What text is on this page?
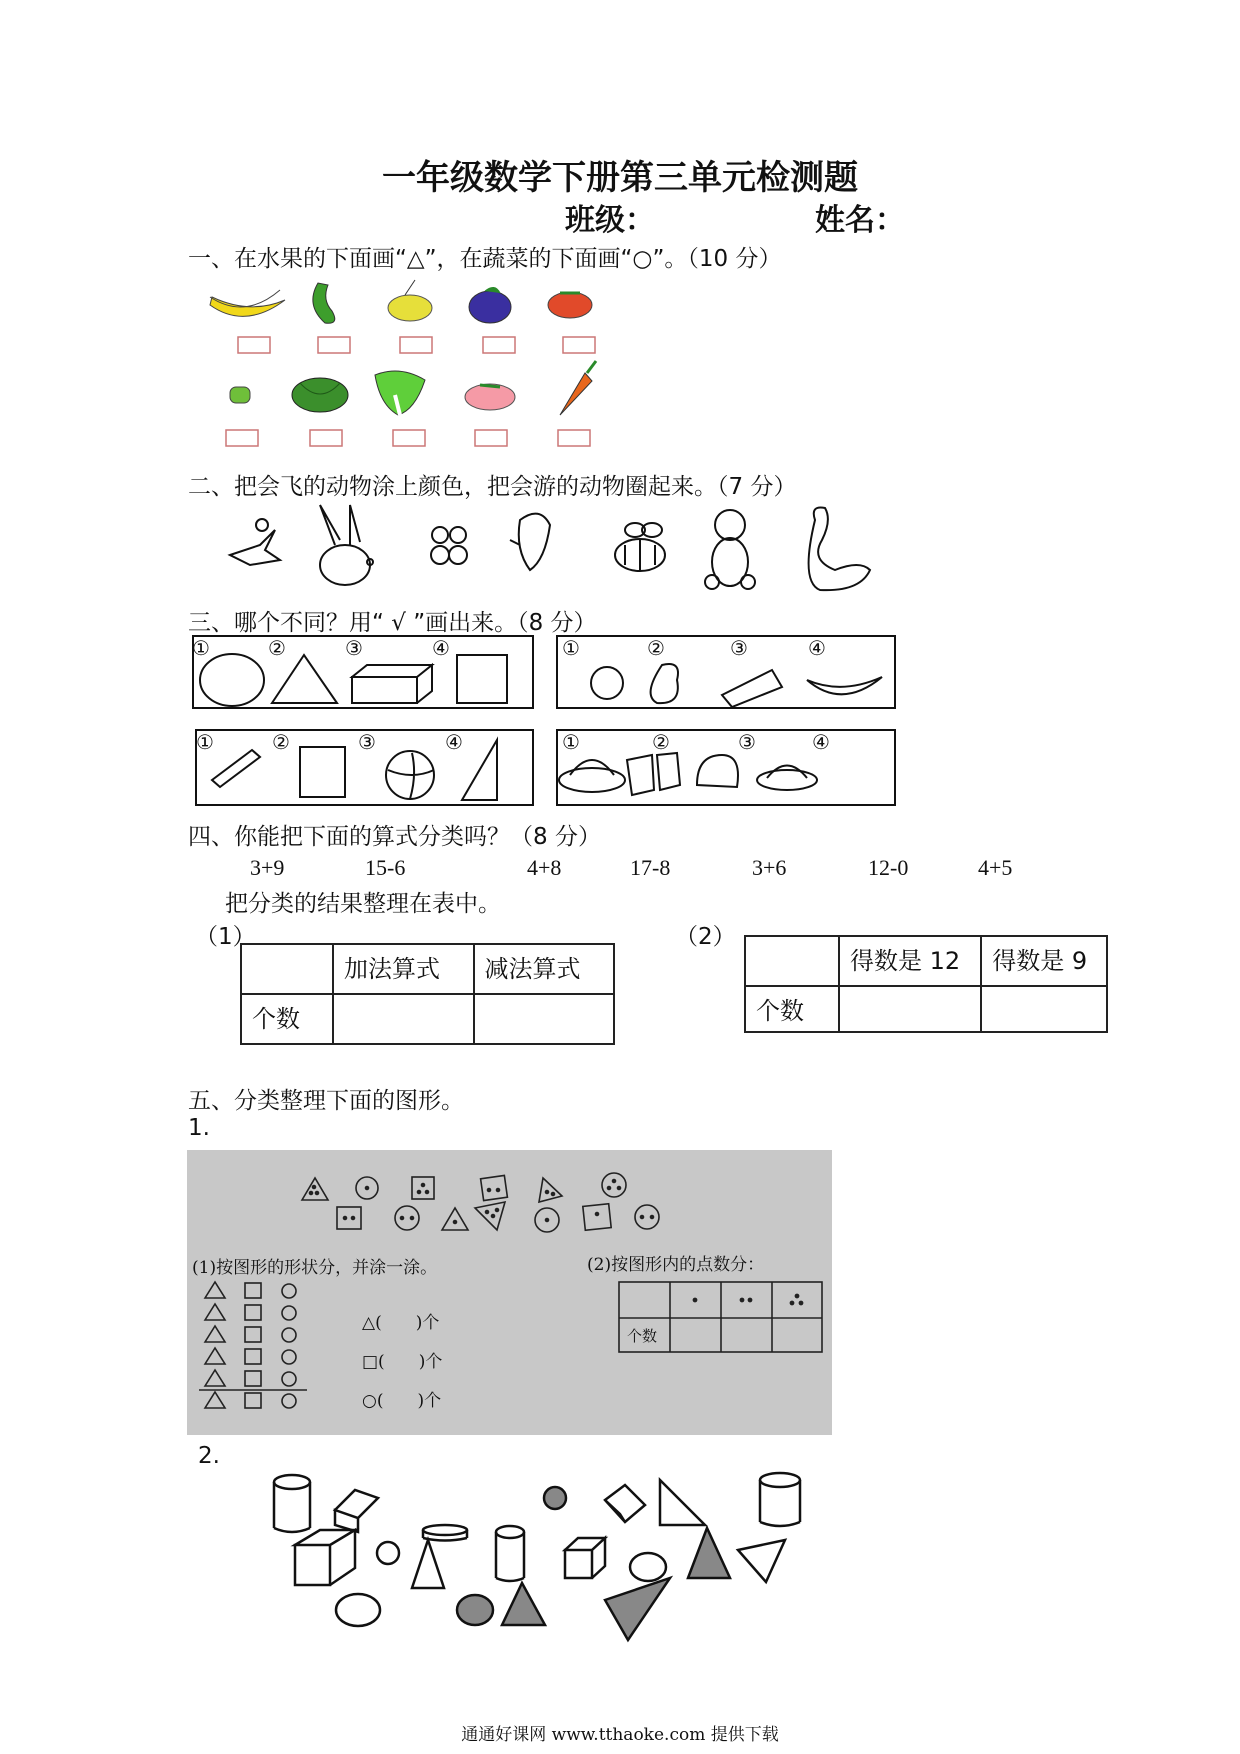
一年级数学下册第三单元检测题
班级：	姓名：
一、在水果的下面画“△”，在蔬菜的下面画“○”。（10 分）
二、把会飞的动物涂上颜色，把会游的动物圈起来。（7 分）
三、哪个不同？用“ √ ”画出来。（8 分）
①	②	③	④	①	②	③	④
①	②	③	④	①	②	③	④
四、你能把下面的算式分类吗？（8 分）
3+9	15-6	4+8	17-8	3+6	12-0	4+5
把分类的结果整理在表中。
（1）	（2）
	加法算式	减法算式
个数		
	得数是 12	得数是 9
个数		
五、分类整理下面的图形。
1.
(1)按图形的形状分，并涂一涂。	(2)按图形内的点数分：
△(　　)个
□(　　)个
○(　　)个
个数
2.
通通好课网 www.tthaoke.com 提供下载
